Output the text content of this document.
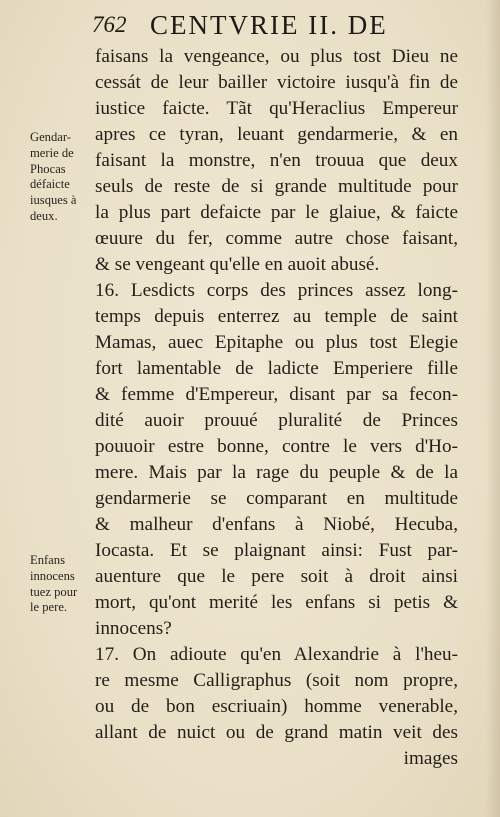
762 CENTVRIE II. DE
Gendar-
merie de
Phocas
défaicte
iusques à
deux.
Enfans
innocens
tuez pour
le pere.
faisans la vengeance, ou plus tost Dieu ne
cessát de leur bailler victoire iusqu'à fin de
iustice faicte. Tãt qu'Heraclius Empereur
apres ce tyran, leuant gendarmerie, & en
faisant la monstre, n'en trouua que deux
seuls de reste de si grande multitude pour
la plus part defaicte par le glaiue, & faicte
œuure du fer, comme autre chose faisant,
& se vengeant qu'elle en auoit abusé.
16. Lesdicts corps des princes assez long-
temps depuis enterrez au temple de saint
Mamas, auec Epitaphe ou plus tost Elegie
fort lamentable de ladicte Emperiere fille
& femme d'Empereur, disant par sa fecon-
dité auoir prouué pluralité de Princes
pouuoir estre bonne, contre le vers d'Ho-
mere. Mais par la rage du peuple & de la
gendarmerie se comparant en multitude
& malheur d'enfans à Niobé, Hecuba,
Iocasta. Et se plaignant ainsi: Fust par-
auenture que le pere soit à droit ainsi
mort, qu'ont merité les enfans si petis &
innocens?
17. On adioute qu'en Alexandrie à l'heu-
re mesme Calligraphus (soit nom propre,
ou de bon escriuain) homme venerable,
allant de nuict ou de grand matin veit des
images
